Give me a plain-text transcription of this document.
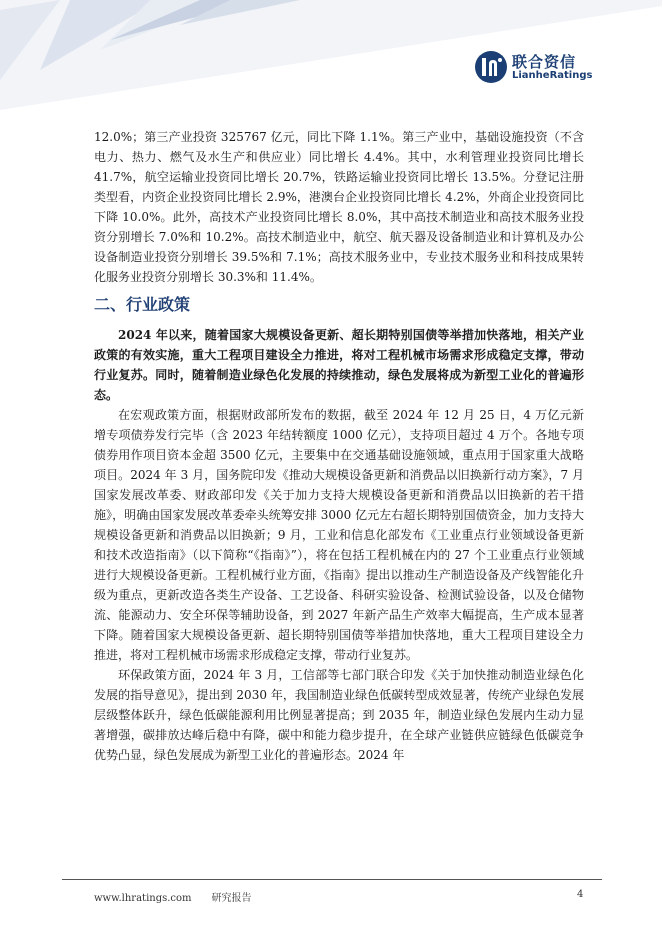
联合资信
LianheRatings

12.0%；第三产业投资 325767 亿元，同比下降 1.1%。第三产业中，基础设施投资（不含电力、热力、燃气及水生产和供应业）同比增长 4.4%。其中，水利管理业投资同比增长 41.7%，航空运输业投资同比增长 20.7%，铁路运输业投资同比增长 13.5%。分登记注册类型看，内资企业投资同比增长 2.9%，港澳台企业投资同比增长 4.2%，外商企业投资同比下降 10.0%。此外，高技术产业投资同比增长 8.0%，其中高技术制造业和高技术服务业投资分别增长 7.0%和 10.2%。高技术制造业中，航空、航天器及设备制造业和计算机及办公设备制造业投资分别增长 39.5%和 7.1%；高技术服务业中，专业技术服务业和科技成果转化服务业投资分别增长 30.3%和 11.4%。

二、行业政策

2024 年以来，随着国家大规模设备更新、超长期特别国债等举措加快落地，相关产业政策的有效实施，重大工程项目建设全力推进，将对工程机械市场需求形成稳定支撑，带动行业复苏。同时，随着制造业绿色化发展的持续推动，绿色发展将成为新型工业化的普遍形态。

在宏观政策方面，根据财政部所发布的数据，截至 2024 年 12 月 25 日，4 万亿元新增专项债券发行完毕（含 2023 年结转额度 1000 亿元），支持项目超过 4 万个。各地专项债券用作项目资本金超 3500 亿元，主要集中在交通基础设施领域，重点用于国家重大战略项目。2024 年 3 月，国务院印发《推动大规模设备更新和消费品以旧换新行动方案》，7 月国家发展改革委、财政部印发《关于加力支持大规模设备更新和消费品以旧换新的若干措施》，明确由国家发展改革委牵头统筹安排 3000 亿元左右超长期特别国债资金，加力支持大规模设备更新和消费品以旧换新；9 月，工业和信息化部发布《工业重点行业领域设备更新和技术改造指南》（以下简称“《指南》”），将在包括工程机械在内的 27 个工业重点行业领域进行大规模设备更新。工程机械行业方面，《指南》提出以推动生产制造设备及产线智能化升级为重点，更新改造各类生产设备、工艺设备、科研实验设备、检测试验设备，以及仓储物流、能源动力、安全环保等辅助设备，到 2027 年新产品生产效率大幅提高，生产成本显著下降。随着国家大规模设备更新、超长期特别国债等举措加快落地，重大工程项目建设全力推进，将对工程机械市场需求形成稳定支撑，带动行业复苏。

环保政策方面，2024 年 3 月，工信部等七部门联合印发《关于加快推动制造业绿色化发展的指导意见》，提出到 2030 年，我国制造业绿色低碳转型成效显著，传统产业绿色发展层级整体跃升，绿色低碳能源利用比例显著提高；到 2035 年，制造业绿色发展内生动力显著增强，碳排放达峰后稳中有降，碳中和能力稳步提升，在全球产业链供应链绿色低碳竞争优势凸显，绿色发展成为新型工业化的普遍形态。2024 年

www.lhratings.com　　研究报告	4
